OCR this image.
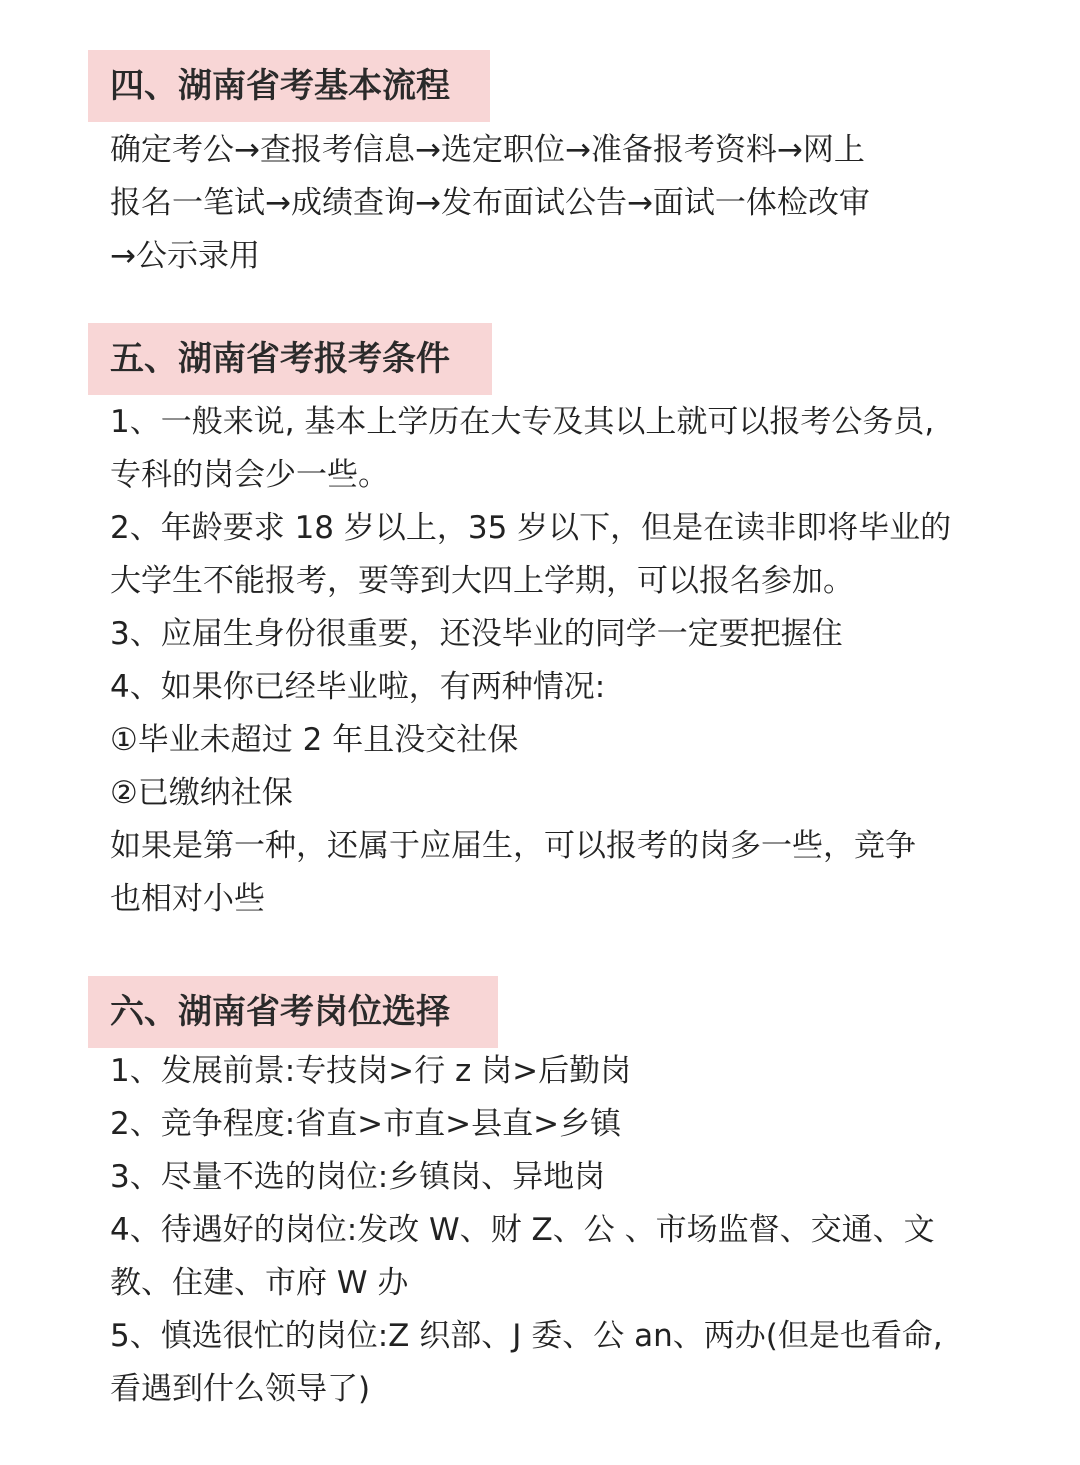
四、湖南省考基本流程
确定考公→查报考信息→选定职位→准备报考资料→网上
报名一笔试→成绩查询→发布面试公告→面试一体检改审
→公示录用
五、湖南省考报考条件
1、一般来说, 基本上学历在大专及其以上就可以报考公务员,
专科的岗会少一些。
2、年龄要求 18 岁以上，35 岁以下，但是在读非即将毕业的
大学生不能报考，要等到大四上学期，可以报名参加。
3、应届生身份很重要，还没毕业的同学一定要把握住
4、如果你已经毕业啦，有两种情况:
①毕业未超过 2 年且没交社保
②已缴纳社保
如果是第一种，还属于应届生，可以报考的岗多一些，竞争
也相对小些
六、湖南省考岗位选择
1、发展前景:专技岗>行 z 岗>后勤岗
2、竞争程度:省直>市直>县直>乡镇
3、尽量不选的岗位:乡镇岗、异地岗
4、待遇好的岗位:发改 W、财 Z、公 、市场监督、交通、文
教、住建、市府 W 办
5、慎选很忙的岗位:Z 织部、J 委、公 an、两办(但是也看命,
看遇到什么领导了)
